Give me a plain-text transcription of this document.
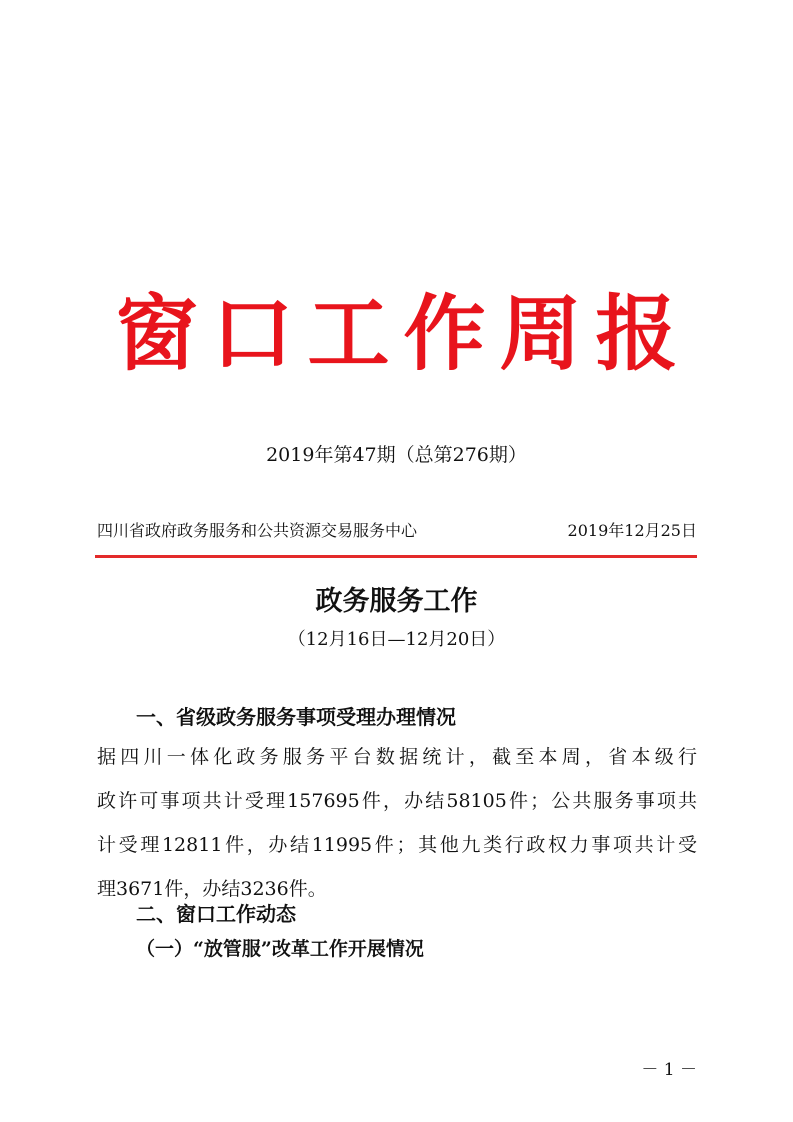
窗口工作周报
2019年第47期（总第276期）
四川省政府政务服务和公共资源交易服务中心	2019年12月25日
政务服务工作
（12月16日—12月20日）
一、省级政务服务事项受理办理情况
据四川一体化政务服务平台数据统计，截至本周，省本级行
政许可事项共计受理157695件，办结58105件；公共服务事项共
计受理12811件，办结11995件；其他九类行政权力事项共计受
理3671件，办结3236件。
二、窗口工作动态
（一）“放管服”改革工作开展情况
－ 1 －
